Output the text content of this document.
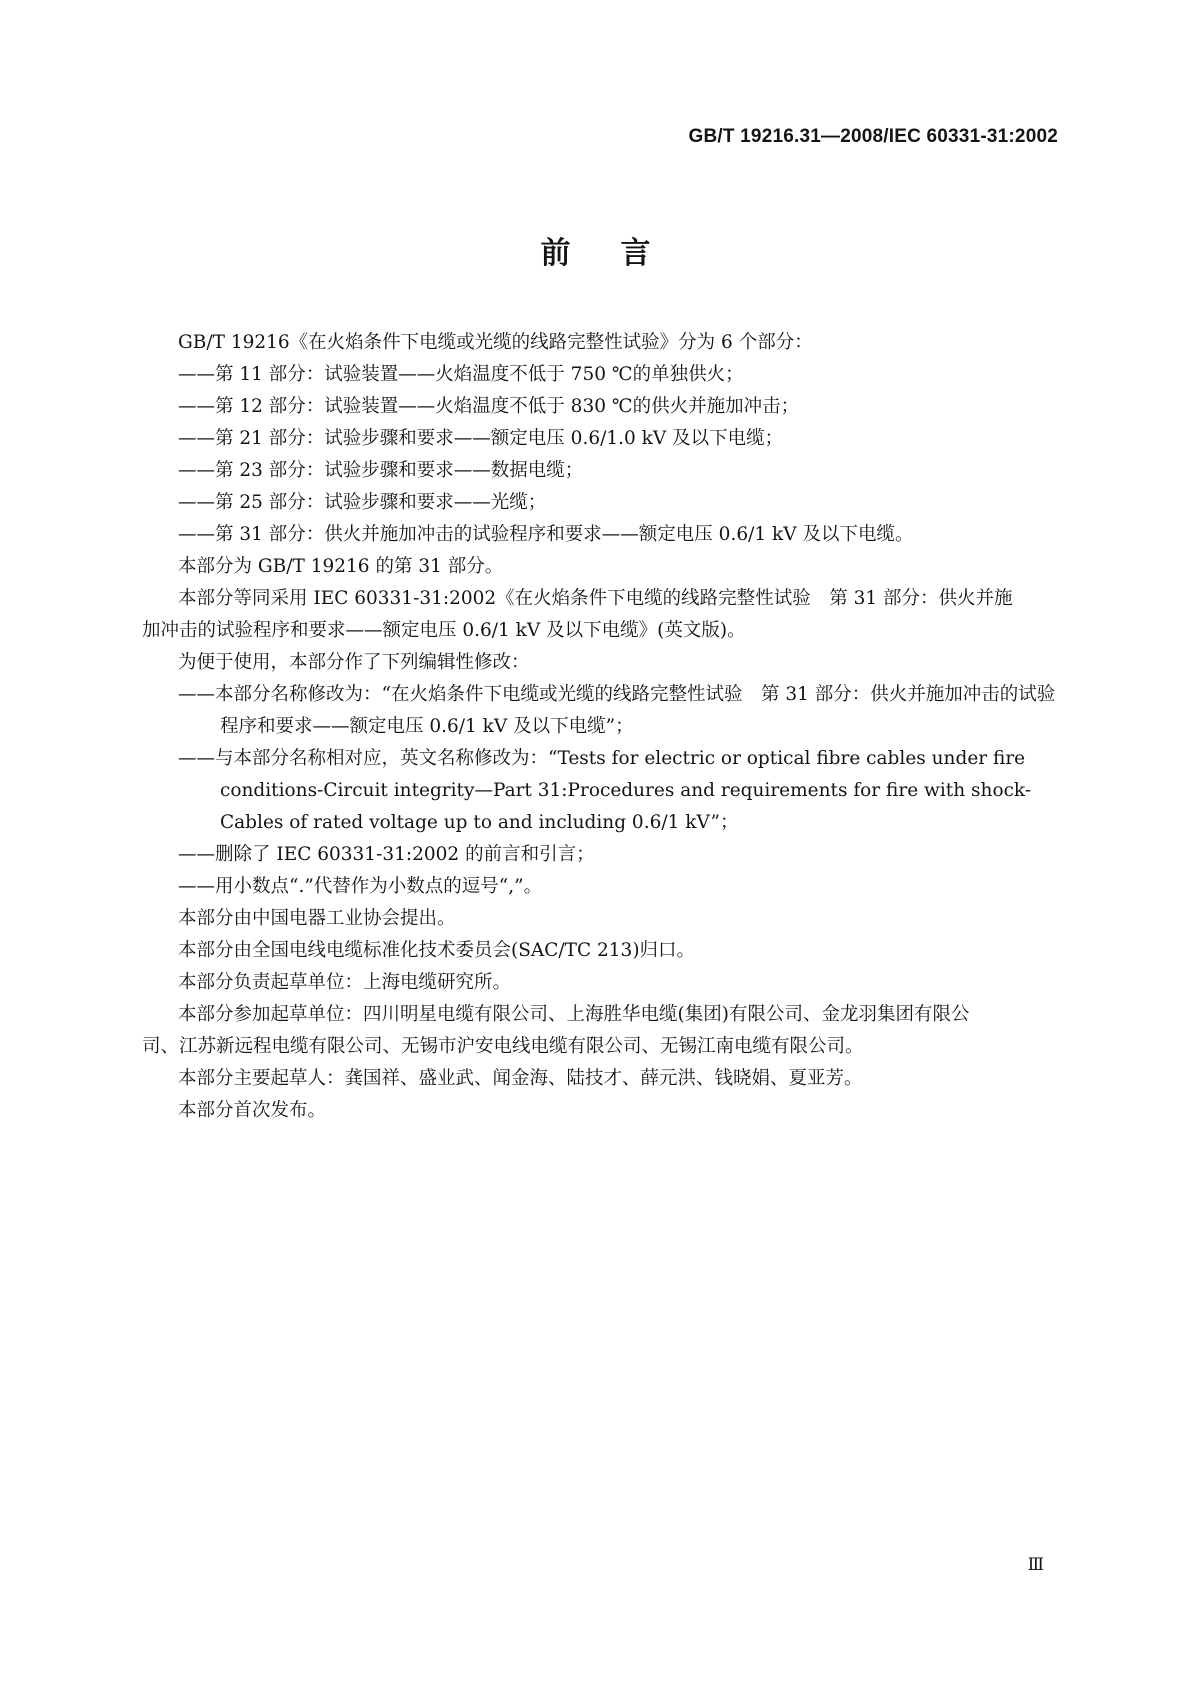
GB/T 19216.31—2008/IEC 60331-31:2002
前言
GB/T 19216《在火焰条件下电缆或光缆的线路完整性试验》分为 6 个部分：
——第 11 部分：试验装置——火焰温度不低于 750 ℃的单独供火；
——第 12 部分：试验装置——火焰温度不低于 830 ℃的供火并施加冲击；
——第 21 部分：试验步骤和要求——额定电压 0.6/1.0 kV 及以下电缆；
——第 23 部分：试验步骤和要求——数据电缆；
——第 25 部分：试验步骤和要求——光缆；
——第 31 部分：供火并施加冲击的试验程序和要求——额定电压 0.6/1 kV 及以下电缆。
本部分为 GB/T 19216 的第 31 部分。
本部分等同采用 IEC 60331-31:2002《在火焰条件下电缆的线路完整性试验　第 31 部分：供火并施
加冲击的试验程序和要求——额定电压 0.6/1 kV 及以下电缆》(英文版)。
为便于使用，本部分作了下列编辑性修改：
——本部分名称修改为：“在火焰条件下电缆或光缆的线路完整性试验　第 31 部分：供火并施加冲击的试验程序和要求——额定电压 0.6/1 kV 及以下电缆”；
——与本部分名称相对应，英文名称修改为：“Tests for electric or optical fibre cables under fire conditions-Circuit integrity—Part 31:Procedures and requirements for fire with shock-Cables of rated voltage up to and including 0.6/1 kV”；
——删除了 IEC 60331-31:2002 的前言和引言；
——用小数点“.”代替作为小数点的逗号“,”。
本部分由中国电器工业协会提出。
本部分由全国电线电缆标准化技术委员会(SAC/TC 213)归口。
本部分负责起草单位：上海电缆研究所。
本部分参加起草单位：四川明星电缆有限公司、上海胜华电缆(集团)有限公司、金龙羽集团有限公
司、江苏新远程电缆有限公司、无锡市沪安电线电缆有限公司、无锡江南电缆有限公司。
本部分主要起草人：龚国祥、盛业武、闻金海、陆技才、薛元洪、钱晓娟、夏亚芳。
本部分首次发布。
Ⅲ
